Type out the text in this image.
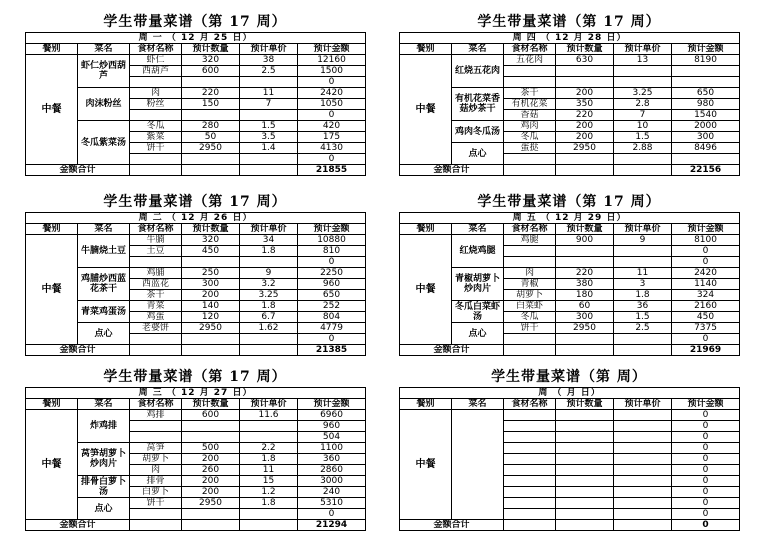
学生带量菜谱（第 17 周）
周 一 （ 12 月 25 日）					
餐别	菜名	食材名称	预计数量	预计单价	预计金额
中餐	虾仁炒西葫芦	虾仁	320	38	12160
		西葫芦	600	2.5	1500
					0
	肉沫粉丝	肉	220	11	2420
		粉丝	150	7	1050
					0
	冬瓜紫菜汤	冬瓜	280	1.5	420
		紫菜	50	3.5	175
		饼干	2950	1.4	4130
					0
金额合计					21855
学生带量菜谱（第 17 周）
周 四 （ 12 月 28 日）					
餐别	菜名	食材名称	预计数量	预计单价	预计金额
中餐	红烧五花肉	五花肉	630	13	8190

	有机花菜香菇炒茶干	茶干	200	3.25	650
		有机花菜	350	2.8	980
		香菇	220	7	1540
	鸡肉冬瓜汤	鸡肉	200	10	2000
		冬瓜	200	1.5	300
	点心	蛋挞	2950	2.88	8496

金额合计					22156
学生带量菜谱（第 17 周）
周 二 （ 12 月 26 日）					
餐别	菜名	食材名称	预计数量	预计单价	预计金额
中餐	牛腩烧土豆	牛腩	320	34	10880
		土豆	450	1.8	810
					0
	鸡脯炒西蓝花茶干	鸡脯	250	9	2250
		西蓝花	300	3.2	960
		茶干	200	3.25	650
	青菜鸡蛋汤	青菜	140	1.8	252
		鸡蛋	120	6.7	804
	点心	老婆饼	2950	1.62	4779
					0
金额合计					21385
学生带量菜谱（第 17 周）
周 五 （ 12 月 29 日）					
餐别	菜名	食材名称	预计数量	预计单价	预计金额
中餐	红烧鸡腿	鸡腿	900	9	8100
					0
					0
	青椒胡萝卜炒肉片	肉	220	11	2420
		青椒	380	3	1140
		胡萝卜	180	1.8	324
	冬瓜白菜虾汤	白菜虾	60	36	2160
		冬瓜	300	1.5	450
	点心	饼干	2950	2.5	7375
					0
金额合计					21969
学生带量菜谱（第 17 周）
周 三 （ 12 月 27 日）					
餐别	菜名	食材名称	预计数量	预计单价	预计金额
中餐	炸鸡排	鸡排	600	11.6	6960
					960
					504
	莴笋胡萝卜炒肉片	莴笋	500	2.2	1100
		胡萝卜	200	1.8	360
		肉	260	11	2860
	排骨白萝卜汤	排骨	200	15	3000
		白萝卜	200	1.2	240
	点心	饼干	2950	1.8	5310
					0
金额合计					21294
学生带量菜谱（第 周）
周 （ 月 日）					
餐别	菜名	食材名称	预计数量	预计单价	预计金额
中餐					0
					0
					0
					0
					0
					0
					0
					0
					0
					0
金额合计					0
